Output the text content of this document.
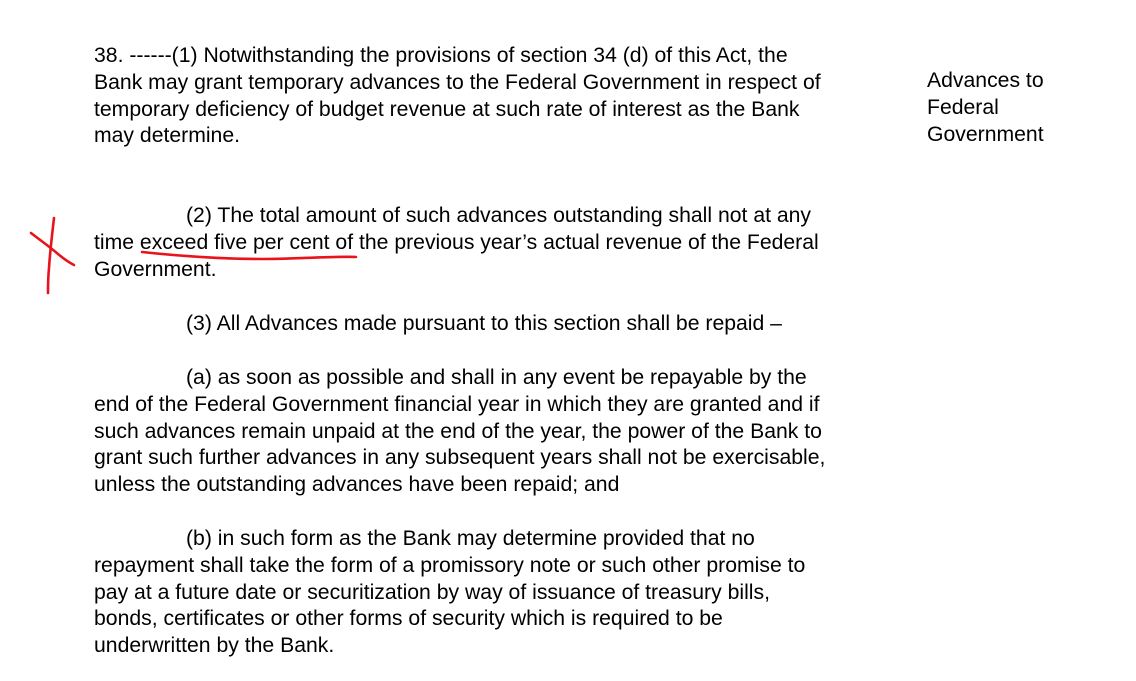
38. ------(1) Notwithstanding the provisions of section 34 (d) of this Act, the
Bank may grant temporary advances to the Federal Government in respect of
temporary deficiency of budget revenue at such rate of interest as the Bank
may determine.
Advances to
Federal
Government
(2) The total amount of such advances outstanding shall not at any
time exceed five per cent of the previous year’s actual revenue of the Federal
Government.
(3) All Advances made pursuant to this section shall be repaid –
(a) as soon as possible and shall in any event be repayable by the
end of the Federal Government financial year in which they are granted and if
such advances remain unpaid at the end of the year, the power of the Bank to
grant such further advances in any subsequent years shall not be exercisable,
unless the outstanding advances have been repaid; and
(b) in such form as the Bank may determine provided that no
repayment shall take the form of a promissory note or such other promise to
pay at a future date or securitization by way of issuance of treasury bills,
bonds, certificates or other forms of security which is required to be
underwritten by the Bank.
